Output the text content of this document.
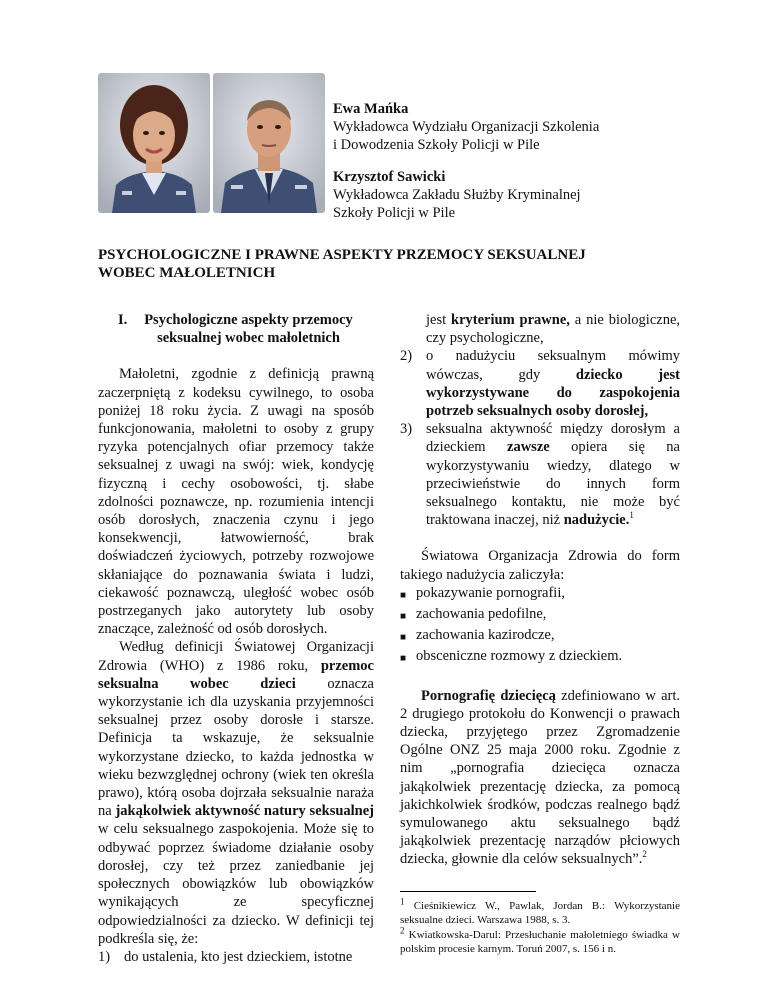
Ewa Mańka
Wykładowca Wydziału Organizacji Szkolenia
i Dowodzenia Szkoły Policji w Pile
Krzysztof Sawicki
Wykładowca Zakładu Służby Kryminalnej
Szkoły Policji w Pile
PSYCHOLOGICZNE I PRAWNE ASPEKTY PRZEMOCY SEKSUALNEJ
WOBEC MAŁOLETNICH
I.	Psychologiczne aspekty przemocy seksualnej wobec małoletnich

Małoletni, zgodnie z definicją prawną zaczerpniętą z kodeksu cywilnego, to osoba poniżej 18 roku życia. Z uwagi na sposób funkcjonowania, małoletni to osoby z grupy ryzyka potencjalnych ofiar przemocy także seksualnej z uwagi na swój: wiek, kondycję fizyczną i cechy osobowości, tj. słabe zdolności poznawcze, np. rozumienia intencji osób dorosłych, znaczenia czynu i jego konsekwencji, łatwowierność, brak doświadczeń życiowych, potrzeby rozwojowe skłaniające do poznawania świata i ludzi, ciekawość poznawczą, uległość wobec osób postrzeganych jako autorytety lub osoby znaczące, zależność od osób dorosłych.

Według definicji Światowej Organizacji Zdrowia (WHO) z 1986 roku, przemoc seksualna wobec dzieci oznacza wykorzystanie ich dla uzyskania przyjemności seksualnej przez osoby dorosłe i starsze. Definicja ta wskazuje, że seksualnie wykorzystane dziecko, to każda jednostka w wieku bezwzględnej ochrony (wiek ten określa prawo), którą osoba dojrzała seksualnie naraża na jakąkolwiek aktywność natury seksualnej w celu seksualnego zaspokojenia. Może się to odbywać poprzez świadome działanie osoby dorosłej, czy też przez zaniedbanie jej społecznych obowiązków lub obowiązków wynikających ze specyficznej odpowiedzialności za dziecko. W definicji tej podkreśla się, że:

1) do ustalenia, kto jest dzieckiem, istotne
jest kryterium prawne, a nie biologiczne, czy psychologiczne,
2) o nadużyciu seksualnym mówimy wówczas, gdy dziecko jest wykorzystywane do zaspokojenia potrzeb seksualnych osoby dorosłej,
3) seksualna aktywność między dorosłym a dzieckiem zawsze opiera się na wykorzystywaniu wiedzy, dlatego w przeciwieństwie do innych form seksualnego kontaktu, nie może być traktowana inaczej, niż nadużycie.$^1$

Światowa Organizacja Zdrowia do form takiego nadużycia zaliczyła:

■ pokazywanie pornografii,
■ zachowania pedofilne,
■ zachowania kazirodcze,
■ obsceniczne rozmowy z dzieckiem.

Pornografię dziecięcą zdefiniowano w art. 2 drugiego protokołu do Konwencji o prawach dziecka, przyjętego przez Zgromadzenie Ogólne ONZ 25 maja 2000 roku. Zgodnie z nim „pornografia dziecięca oznacza jakąkolwiek prezentację dziecka, za pomocą jakichkolwiek środków, podczas realnego bądź symulowanego aktu seksualnego bądź jakąkolwiek prezentację narządów płciowych dziecka, głownie dla celów seksualnych”.$^2$

$^1$ Cieśnikiewicz W., Pawlak, Jordan B.: Wykorzystanie seksualne dzieci. Warszawa 1988, s. 3.

$^2$ Kwiatkowska-Darul: Przesłuchanie małoletniego świadka w polskim procesie karnym. Toruń 2007, s. 156 i n.
